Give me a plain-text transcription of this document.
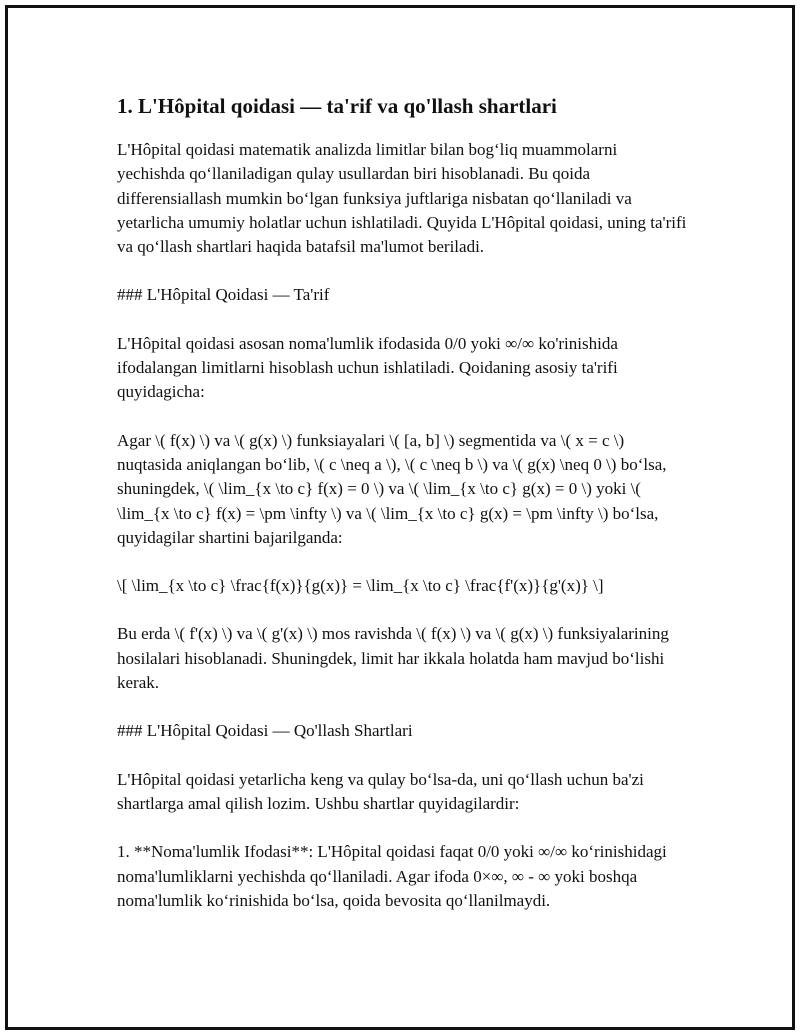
1. L'Hôpital qoidasi — ta'rif va qo'llash shartlari

L'Hôpital qoidasi matematik analizda limitlar bilan bog‘liq muammolarni yechishda qo‘llaniladigan qulay usullardan biri hisoblanadi. Bu qoida differensiallash mumkin bo‘lgan funksiya juftlariga nisbatan qo‘llaniladi va yetarlicha umumiy holatlar uchun ishlatiladi. Quyida L'Hôpital qoidasi, uning ta'rifi va qo‘llash shartlari haqida batafsil ma'lumot beriladi.

### L'Hôpital Qoidasi — Ta'rif

L'Hôpital qoidasi asosan noma'lumlik ifodasida 0/0 yoki ∞/∞ ko'rinishida ifodalangan limitlarni hisoblash uchun ishlatiladi. Qoidaning asosiy ta'rifi quyidagicha:

Agar \( f(x) \) va \( g(x) \) funksiayalari \( [a, b] \) segmentida va \( x = c \) nuqtasida aniqlangan bo‘lib, \( c \neq a \), \( c \neq b \) va \( g(x) \neq 0 \) bo‘lsa, shuningdek, \( \lim_{x \to c} f(x) = 0 \) va \( \lim_{x \to c} g(x) = 0 \) yoki \( \lim_{x \to c} f(x) = \pm \infty \) va \( \lim_{x \to c} g(x) = \pm \infty \) bo‘lsa, quyidagilar shartini bajarilganda:

\[ \lim_{x \to c} \frac{f(x)}{g(x)} = \lim_{x \to c} \frac{f'(x)}{g'(x)} \]

Bu erda \( f'(x) \) va \( g'(x) \) mos ravishda \( f(x) \) va \( g(x) \) funksiyalarining hosilalari hisoblanadi. Shuningdek, limit har ikkala holatda ham mavjud bo‘lishi kerak.

### L'Hôpital Qoidasi — Qo'llash Shartlari

L'Hôpital qoidasi yetarlicha keng va qulay bo‘lsa-da, uni qo‘llash uchun ba'zi shartlarga amal qilish lozim. Ushbu shartlar quyidagilardir:

1. **Noma'lumlik Ifodasi**: L'Hôpital qoidasi faqat 0/0 yoki ∞/∞ ko‘rinishidagi noma'lumliklarni yechishda qo‘llaniladi. Agar ifoda 0×∞, ∞ - ∞ yoki boshqa noma'lumlik ko‘rinishida bo‘lsa, qoida bevosita qo‘llanilmaydi.
